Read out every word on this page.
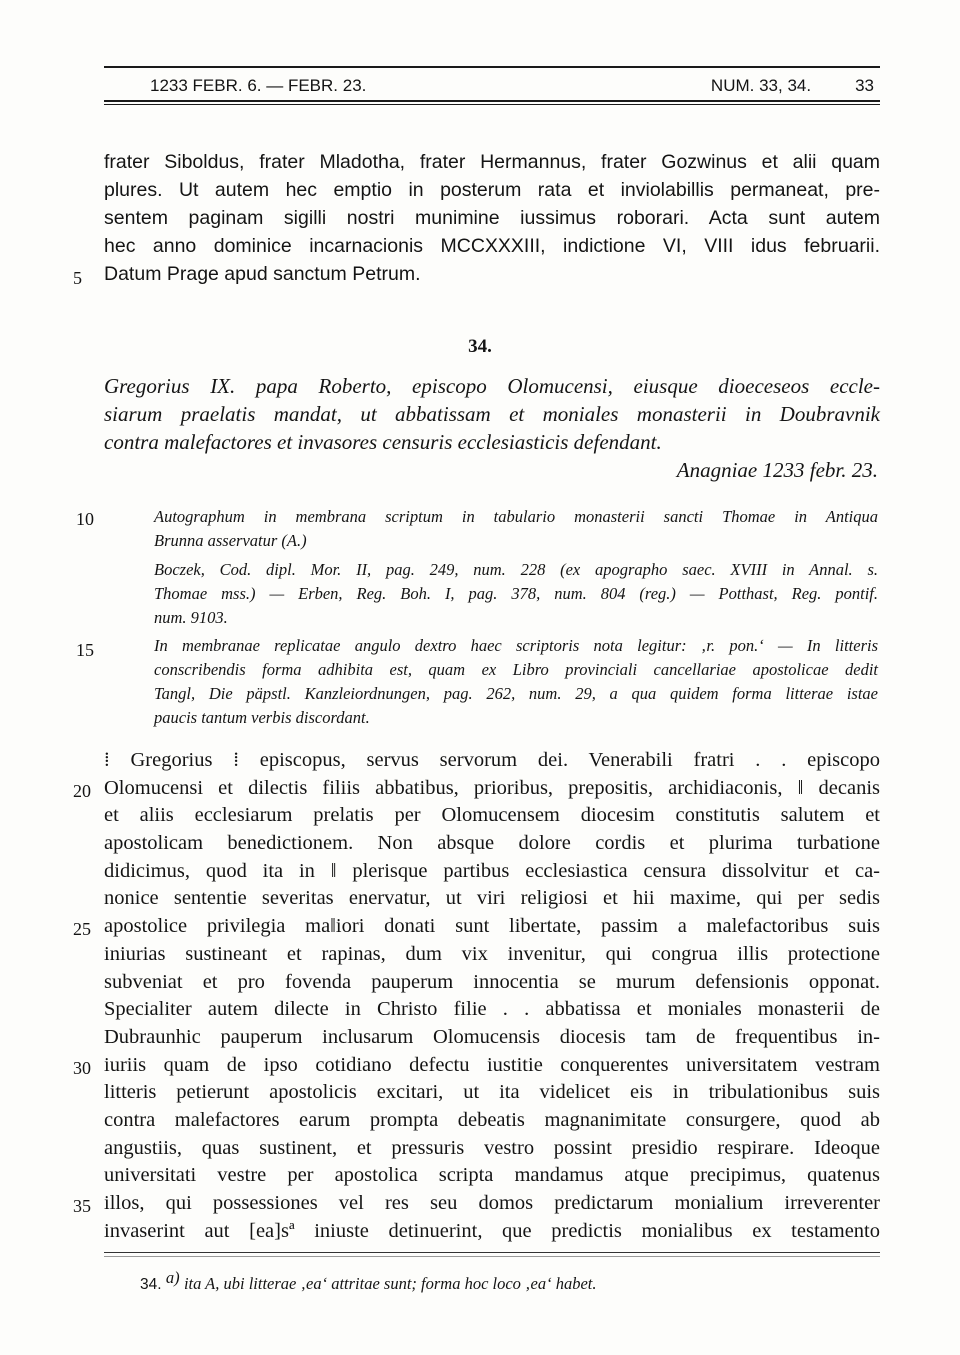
1233 FEBR. 6. — FEBR. 23.	NUM. 33, 34.	33
frater Siboldus, frater Mladotha, frater Hermannus, frater Gozwinus et alii quam
plures. Ut autem hec emptio in posterum rata et inviolabillis permaneat, pre-
sentem paginam sigilli nostri munimine iussimus roborari. Acta sunt autem
hec anno dominice incarnacionis MCCXXXIII, indictione VI, VIII idus februarii.
5	Datum Prage apud sanctum Petrum.
34.
Gregorius IX. papa Roberto, episcopo Olomucensi, eiusque dioeceseos eccle-
siarum praelatis mandat, ut abbatissam et moniales monasterii in Doubravnik
contra malefactores et invasores censuris ecclesiasticis defendant.
Anagniae 1233 febr. 23.
10	Autographum in membrana scriptum in tabulario monasterii sancti Thomae in Antiqua
Brunna asservatur (A.)
Boczek, Cod. dipl. Mor. II, pag. 249, num. 228 (ex apographo saec. XVIII in Annal. s.
Thomae mss.) — Erben, Reg. Boh. I, pag. 378, num. 804 (reg.) — Potthast, Reg. pontif.
num. 9103.
15	In membranae replicatae angulo dextro haec scriptoris nota legitur: ‚r. pon.‘ — In litteris
conscribendis forma adhibita est, quam ex Libro provinciali cancellariae apostolicae dedit
Tangl, Die päpstl. Kanzleiordnungen, pag. 262, num. 29, a qua quidem forma litterae istae
paucis tantum verbis discordant.
⁞ Gregorius ⁞ episcopus, servus servorum dei. Venerabili fratri . . episcopo
20 Olomucensi et dilectis filiis abbatibus, prioribus, prepositis, archidiaconis, ‖ decanis
et aliis ecclesiarum prelatis per Olomucensem diocesim constitutis salutem et
apostolicam benedictionem. Non absque dolore cordis et plurima turbatione
didicimus, quod ita in ‖ plerisque partibus ecclesiastica censura dissolvitur et ca-
nonice sententie severitas enervatur, ut viri religiosi et hii maxime, qui per sedis
25 apostolice privilegia ma‖iori donati sunt libertate, passim a malefactoribus suis
iniurias sustineant et rapinas, dum vix invenitur, qui congrua illis protectione
subveniat et pro fovenda pauperum innocentia se murum defensionis opponat.
Specialiter autem dilecte in Christo filie . . abbatissa et moniales monasterii de
Dubraunhic pauperum inclusarum Olomucensis diocesis tam de frequentibus in-
30 iuriis quam de ipso cotidiano defectu iustitie conquerentes universitatem vestram
litteris petierunt apostolicis excitari, ut ita videlicet eis in tribulationibus suis
contra malefactores earum prompta debeatis magnanimitate consurgere, quod ab
angustiis, quas sustinent, et pressuris vestro possint presidio respirare. Ideoque
universitati vestre per apostolica scripta mandamus atque precipimus, quatenus
35 illos, qui possessiones vel res seu domos predictarum monialium irreverenter
invaserint aut [ea]sª iniuste detinuerint, que predictis monialibus ex testamento
34. $^{a)}$ ita A, ubi litterae ‚ea‘ attritae sunt; forma hoc loco ‚ea‘ habet.
